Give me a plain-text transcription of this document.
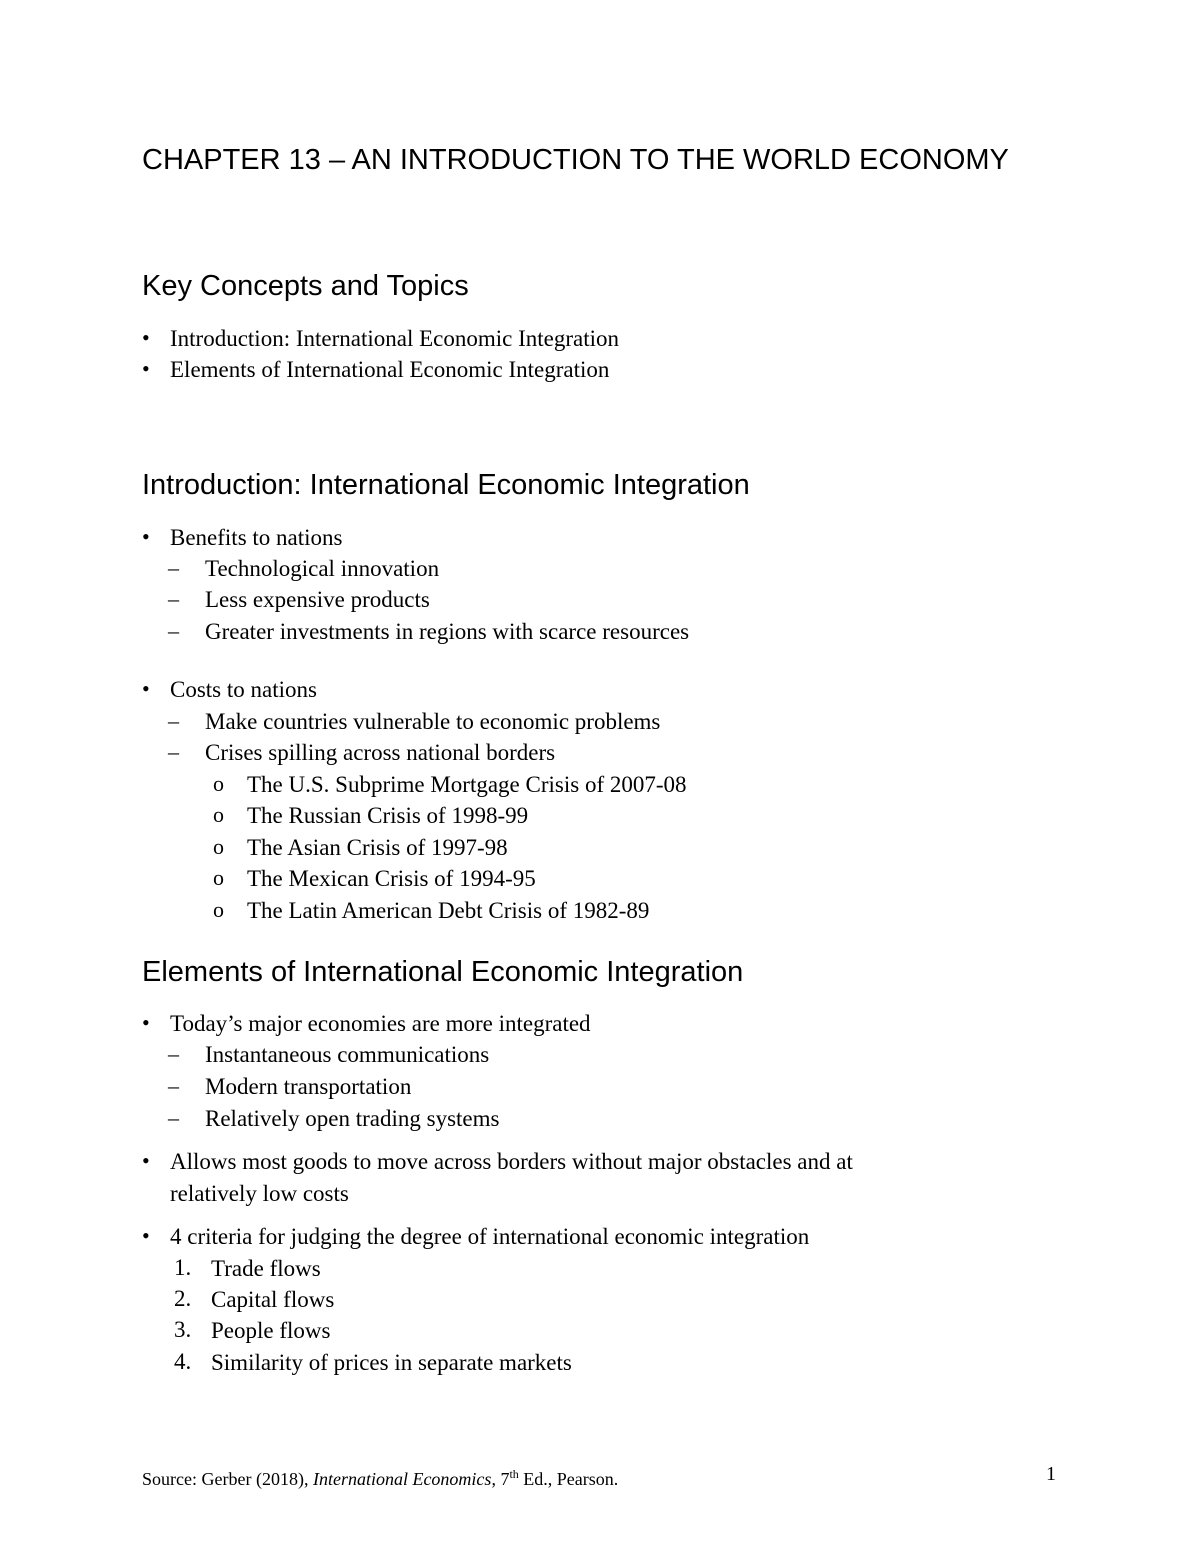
CHAPTER 13 – AN INTRODUCTION TO THE WORLD ECONOMY
Key Concepts and Topics
• Introduction: International Economic Integration
• Elements of International Economic Integration
Introduction: International Economic Integration
• Benefits to nations
– Technological innovation
– Less expensive products
– Greater investments in regions with scarce resources
• Costs to nations
– Make countries vulnerable to economic problems
– Crises spilling across national borders
o The U.S. Subprime Mortgage Crisis of 2007-08
o The Russian Crisis of 1998-99
o The Asian Crisis of 1997-98
o The Mexican Crisis of 1994-95
o The Latin American Debt Crisis of 1982-89
Elements of International Economic Integration
• Today’s major economies are more integrated
– Instantaneous communications
– Modern transportation
– Relatively open trading systems
• Allows most goods to move across borders without major obstacles and at
relatively low costs
• 4 criteria for judging the degree of international economic integration
1. Trade flows
2. Capital flows
3. People flows
4. Similarity of prices in separate markets
Source: Gerber (2018), International Economics, 7th Ed., Pearson.	1
